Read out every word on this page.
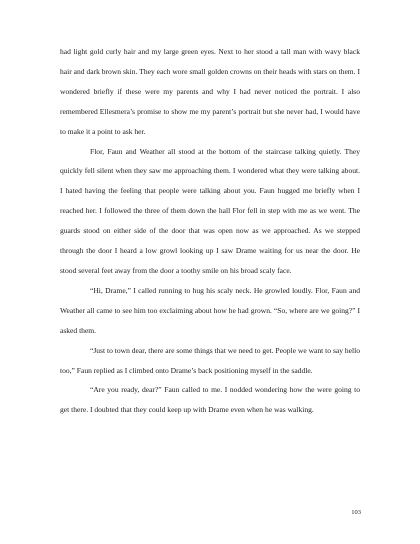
had light gold curly hair and my large green eyes. Next to her stood a tall man with wavy black hair and dark brown skin. They each wore small golden crowns on their heads with stars on them. I wondered briefly if these were my parents and why I had never noticed the portrait. I also remembered Ellesmera’s promise to show me my parent’s portrait but she never had, I would have to make it a point to ask her.

Flor, Faun and Weather all stood at the bottom of the staircase talking quietly. They quickly fell silent when they saw me approaching them. I wondered what they were talking about. I hated having the feeling that people were talking about you. Faun hugged me briefly when I reached her. I followed the three of them down the hall Flor fell in step with me as we went. The guards stood on either side of the door that was open now as we approached. As we stepped through the door I heard a low growl looking up I saw Drame waiting for us near the door. He stood several feet away from the door a toothy smile on his broad scaly face.

“Hi, Drame,” I called running to hug his scaly neck. He growled loudly. Flor, Faun and Weather all came to see him too exclaiming about how he had grown. “So, where are we going?” I asked them.

“Just to town dear, there are some things that we need to get. People we want to say hello too,” Faun replied as I climbed onto Drame’s back positioning myself in the saddle.

“Are you ready, dear?” Faun called to me. I nodded wondering how the were going to get there. I doubted that they could keep up with Drame even when he was walking.

103
